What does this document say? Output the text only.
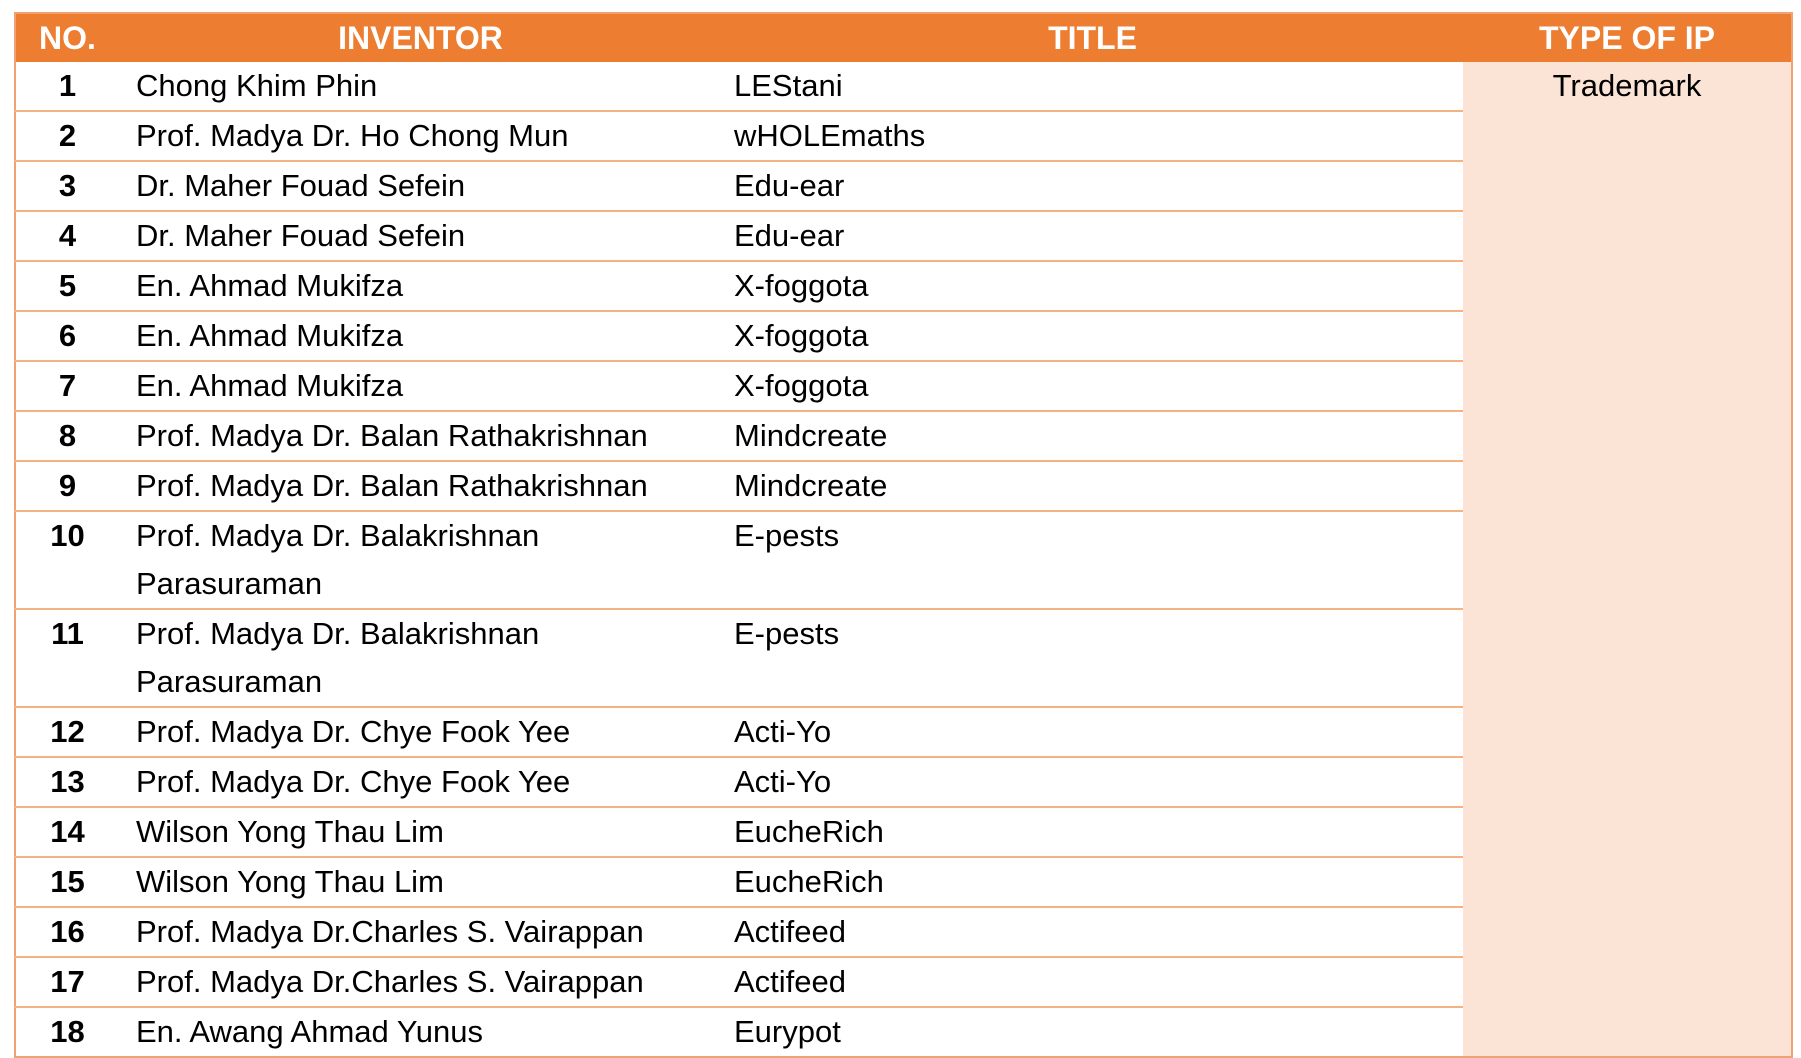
NO.	INVENTOR	TITLE	TYPE OF IP
1	Chong Khim Phin	LEStani	Trademark
2	Prof. Madya Dr. Ho Chong Mun	wHOLEmaths	
3	Dr. Maher Fouad Sefein	Edu-ear	
4	Dr. Maher Fouad Sefein	Edu-ear	
5	En. Ahmad Mukifza	X-foggota	
6	En. Ahmad Mukifza	X-foggota	
7	En. Ahmad Mukifza	X-foggota	
8	Prof. Madya Dr. Balan Rathakrishnan	Mindcreate	
9	Prof. Madya Dr. Balan Rathakrishnan	Mindcreate	
10	Prof. Madya Dr. Balakrishnan Parasuraman	E-pests	
11	Prof. Madya Dr. Balakrishnan Parasuraman	E-pests	
12	Prof. Madya Dr. Chye Fook Yee	Acti-Yo	
13	Prof. Madya Dr. Chye Fook Yee	Acti-Yo	
14	Wilson Yong Thau Lim	EucheRich	
15	Wilson Yong Thau Lim	EucheRich	
16	Prof. Madya Dr.Charles S. Vairappan	Actifeed	
17	Prof. Madya Dr.Charles S. Vairappan	Actifeed	
18	En. Awang Ahmad Yunus	Eurypot	
